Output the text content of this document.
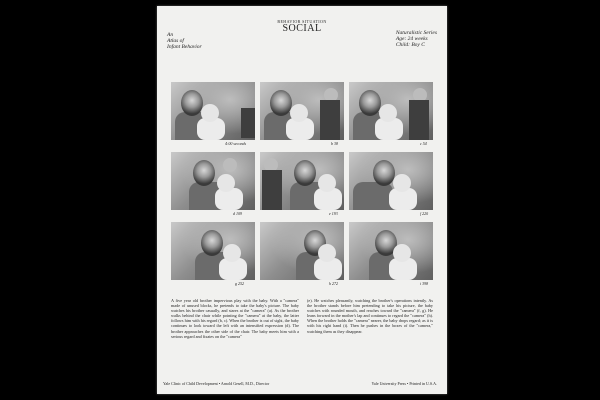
An
Atlas of
Infant Behavior
BEHAVIOR SITUATION
SOCIAL	Naturalistic Series
Age: 24 weeks
Child: Boy C
4:00 seconds	b 38	c 54
d 109	e 193	f 220
g 252	h 272	i 398
A five year old brother impervious play with the baby. With a "camera" made of unused blocks, he pretends to take the baby's picture. The baby watches his brother casually, and stares at the "camera" (a). As the brother walks behind the chair while pointing the "camera" at the baby, the latter follows him with his regard (b, c). When the brother is out of sight, the baby continues to look toward the left with an intensified expression (d). The brother approaches the other side of the chair. The baby meets him with a serious regard and fixates on the "camera"
(e). He watches pleasantly, watching the brother's operations intently. As the brother stands before him pretending to take his picture, the baby watches with rounded mouth, and reaches toward the "camera" (f, g). He leans forward in the mother's lap and continues to regard the "camera" (h). When the brother holds the "camera" nearer, the baby drops regard; as it is with his right hand (i). Then he pushes in the boxes of the "camera," watching them as they disappear.
Yale Clinic of Child Development • Arnold Gesell, M.D., Director	Yale University Press • Printed in U.S.A.
